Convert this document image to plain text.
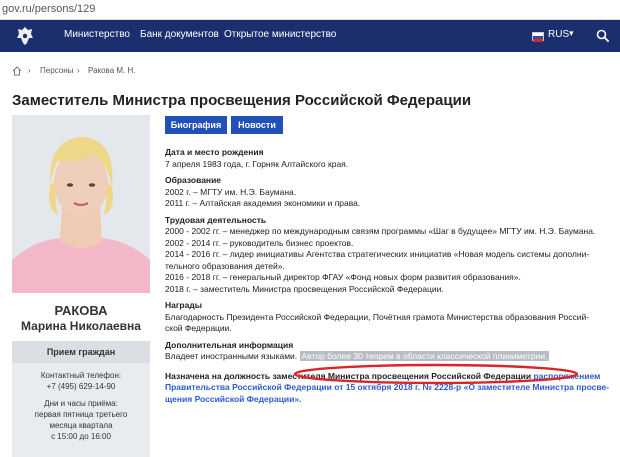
gov.ru/persons/129
Министерство Банк документов Открытое министерство	RUS ▾
› Персоны › Ракова М. Н.
Заместитель Министра просвещения Российской Федерации
РАКОВА
Марина Николаевна
Прием граждан
Контактный телефон:
+7 (495) 629-14-90
Дни и часы приёма:
первая пятница третьего
месяца квартала
с 15:00 до 16:00
Биография	Новости
Дата и место рождения

7 апреля 1983 года, г. Горняк Алтайского края.

Образование

2002 г. – МГТУ им. Н.Э. Баумана.

2011 г. – Алтайская академия экономики и права.

Трудовая деятельность

2000 - 2002 гг. – менеджер по международным связям программы «Шаг в будущее» МГТУ им. Н.Э. Баумана.

2002 - 2014 гг. – руководитель бизнес проектов.

2014 - 2016 гг. – лидер инициативы Агентства стратегических инициатив «Новая модель системы дополни-

тельного образования детей».

2016 - 2018 гг. – генеральный директор ФГАУ «Фонд новых форм развития образования».

2018 г. – заместитель Министра просвещения Российской Федерации.

Награды

Благодарность Президента Российской Федерации, Почётная грамота Министерства образования Россий-

ской Федерации.

Дополнительная информация

Владеет иностранными языками. Автор более 30 теорем в области классической планиметрии.

Назначена на должность заместителя Министра просвещения Российской Федерации распоряжением Правительства Российской Федерации от 15 октября 2018 г. № 2228-р «О заместителе Министра просве-щения Российской Федерации».
